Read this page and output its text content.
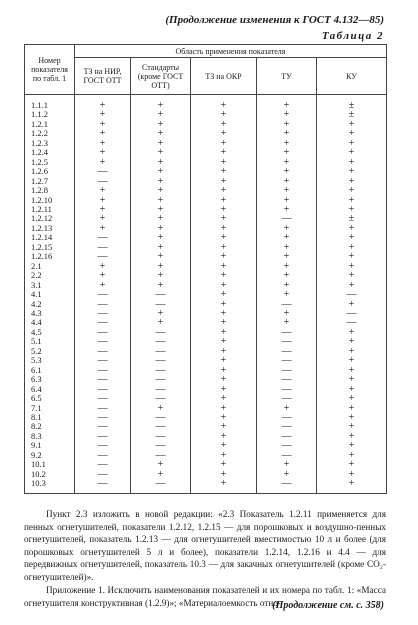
(Продолжение изменения к ГОСТ 4.132—85)
Таблица 2
Номер показателя по табл. 1	Область применения показателя				
	ТЗ на НИР, ГОСТ ОТТ	Стандарты (кроме ГОСТ ОТТ)	ТЗ на ОКР	ТУ	КУ
1.1.1	+	+	+	+	±
1.1.2	+	+	+	+	±
1.2.1	+	+	+	+	+
1.2.2	+	+	+	+	+
1.2.3	+	+	+	+	+
1.2.4	+	+	+	+	+
1.2.5	+	+	+	+	+
1.2.6	—	+	+	+	+
1.2.7	—	+	+	+	+
1.2.8	+	+	+	+	+
1.2.10	+	+	+	+	+
1.2.11	+	+	+	+	+
1.2.12	+	+	+	—	±
1.2.13	+	+	+	+	+
1.2.14	—	+	+	+	+
1.2.15	—	+	+	+	+
1.2.16	—	+	+	+	+
2.1	+	+	+	+	+
2.2	+	+	+	+	+
3.1	+	+	+	+	+
4.1	—	—	+	+	—
4.2	—	—	+	—	+
4.3	—	+	+	+	—
4.4	—	+	+	+	—
4.5	—	—	+	—	+
5.1	—	—	+	—	+
5.2	—	—	+	—	+
5.3	—	—	+	—	+
6.1	—	—	+	—	+
6.3	—	—	+	—	+
6.4	—	—	+	—	+
6.5	—	—	+	—	+
7.1	—	+	+	+	+
8.1	—	—	+	—	+
8.2	—	—	+	—	+
8.3	—	—	+	—	+
9.1	—	—	+	—	+
9.2	—	—	+	—	+
10.1	—	+	+	+	+
10.2	—	+	+	+	+
10.3	—	—	+	—	+

Пункт 2.3 изложить в новой редакции: «2.3 Показатель 1.2.11 применяется для пенных огнетушителей, показатели 1.2.12, 1.2.15 — для порошковых и воздушно-пенных огнетушителей, показатель 1.2.13 — для огнетушителей вместимостью 10 л и более (для порошковых огнетушителей 5 л и более), показатели 1.2.14, 1.2.16 и 4.4 — для передвижных огнетушителей, показатель 10.3 — для закачных огнетушителей (кроме CO₂-огнетушителей)».

Приложение 1. Исключить наименования показателей и их номера по табл. 1: «Масса огнетушителя конструктивная (1.2.9)»; «Материалоемкость отно-

(Продолжение см. с. 358)
